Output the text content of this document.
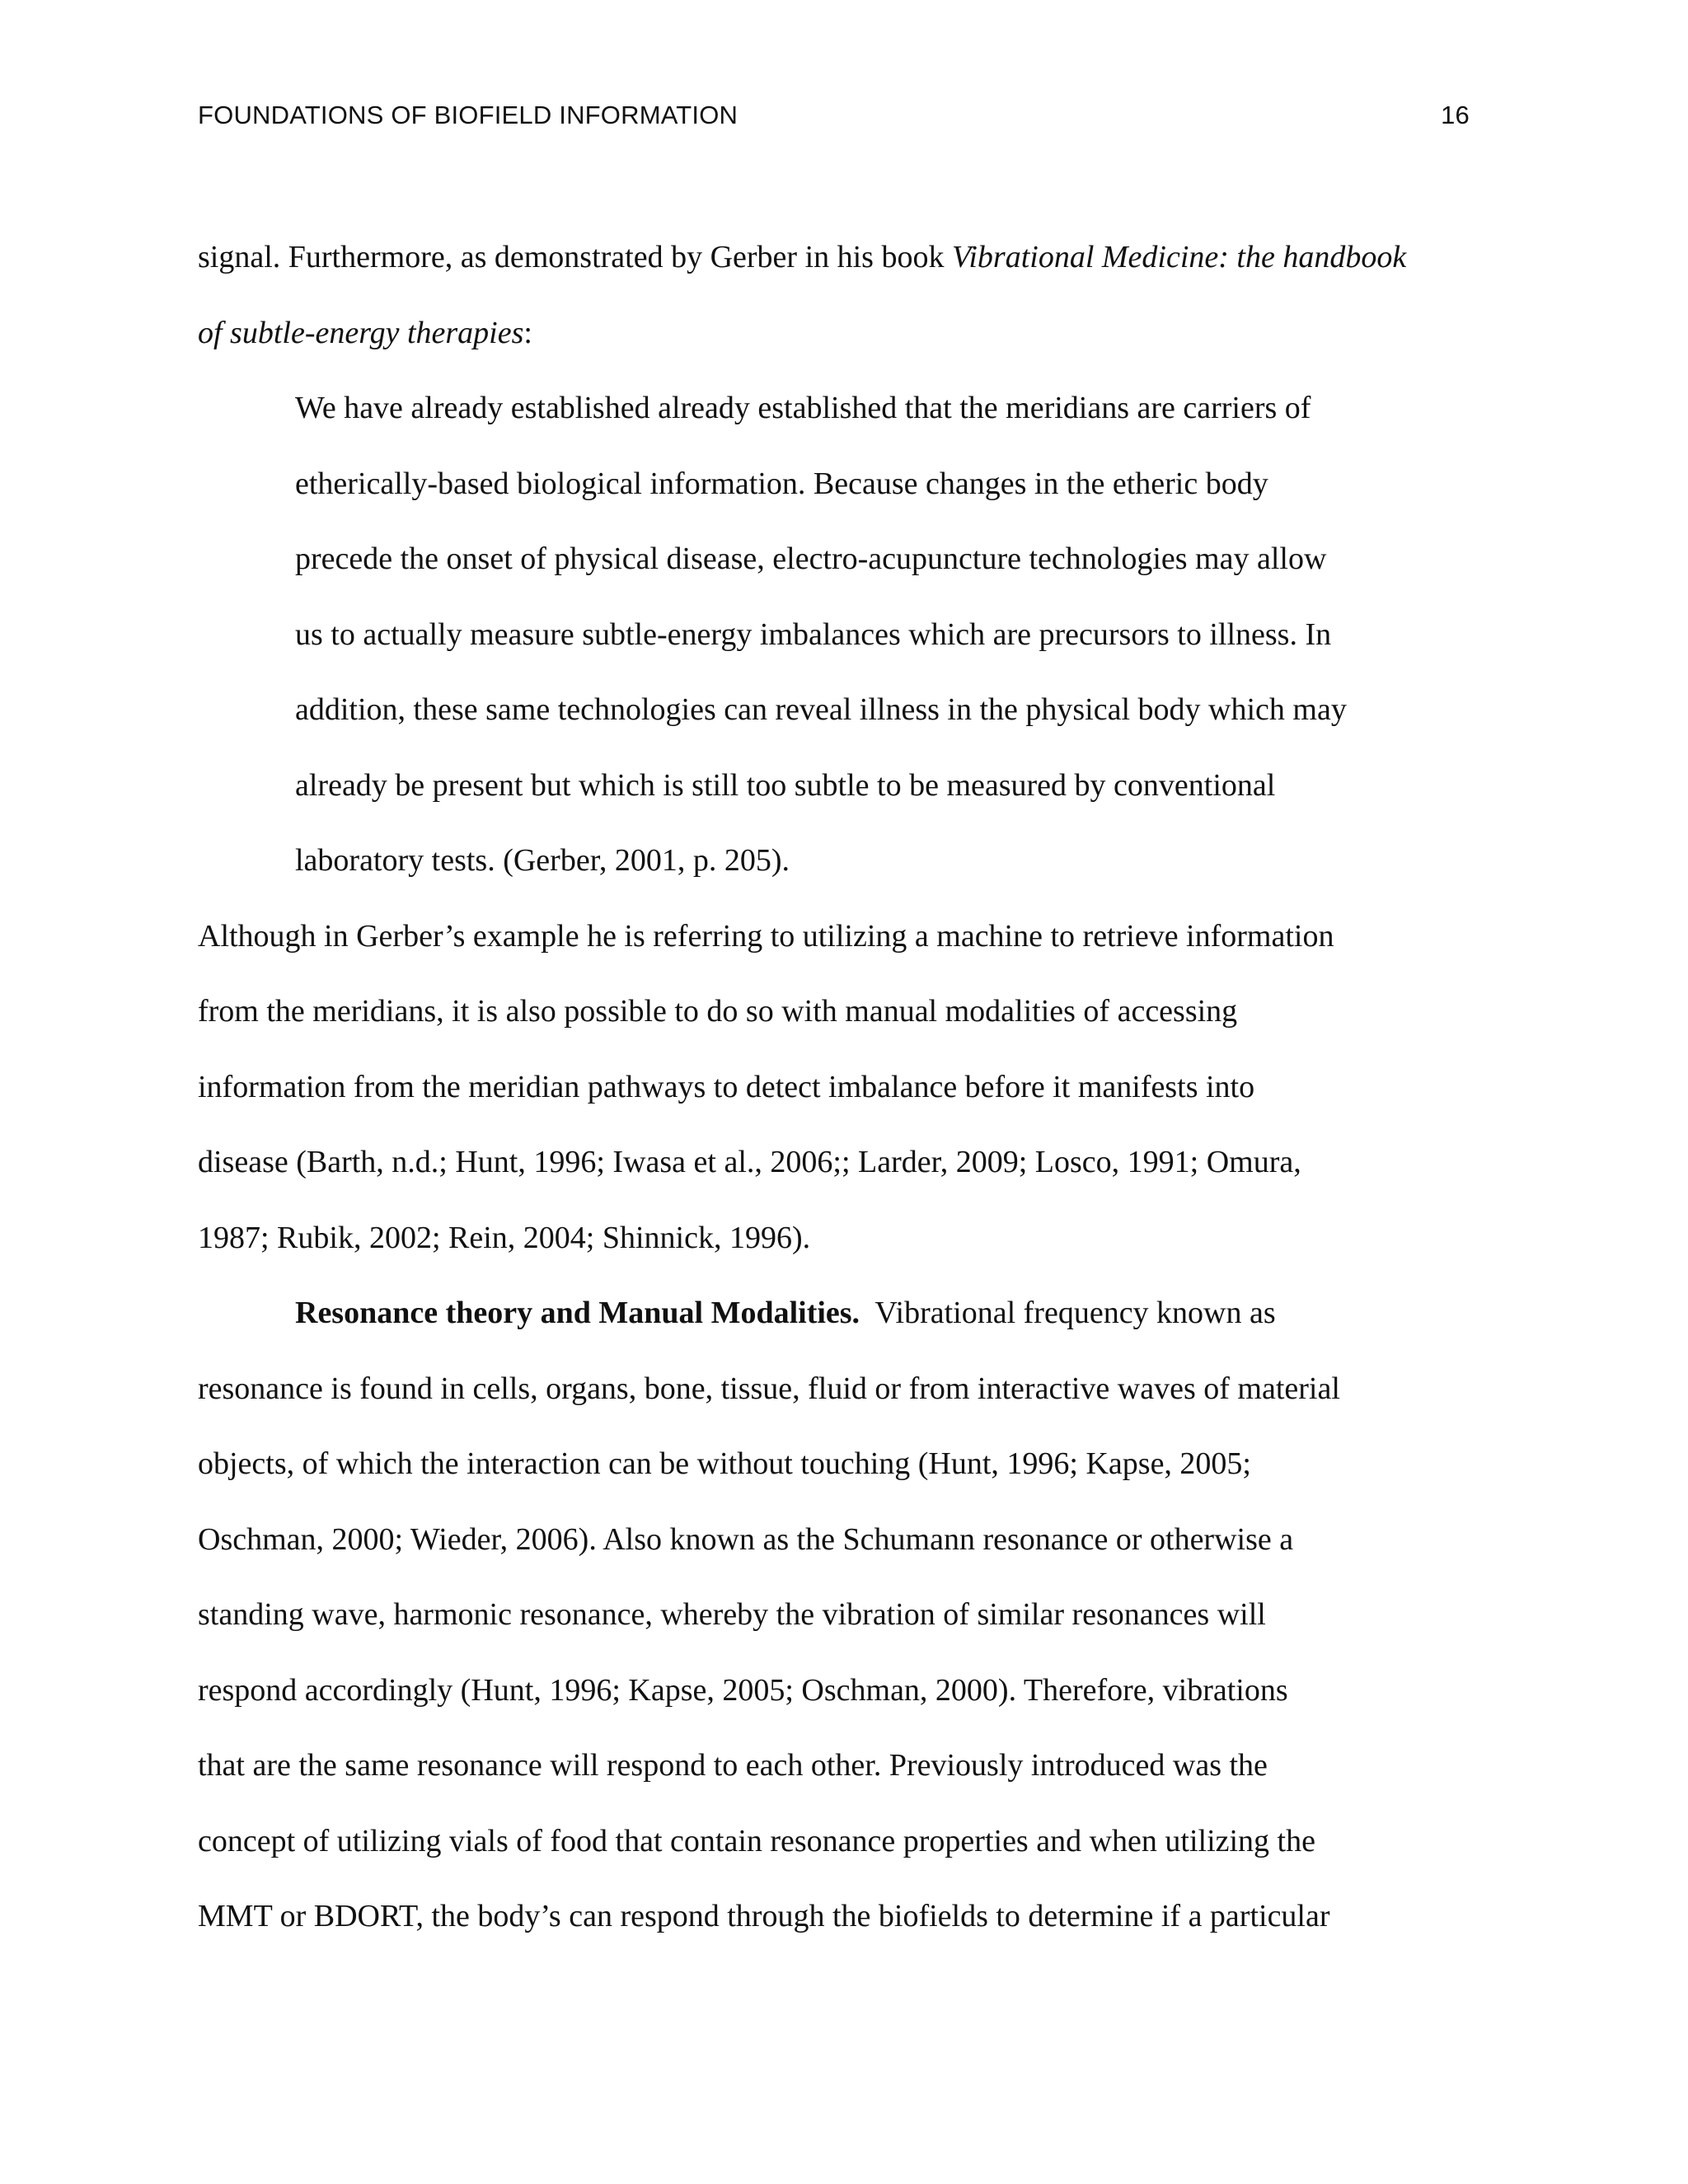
FOUNDATIONS OF BIOFIELD INFORMATION	16
signal. Furthermore, as demonstrated by Gerber in his book Vibrational Medicine: the handbook
of subtle-energy therapies:
We have already established already established that the meridians are carriers of
etherically-based biological information. Because changes in the etheric body
precede the onset of physical disease, electro-acupuncture technologies may allow
us to actually measure subtle-energy imbalances which are precursors to illness. In
addition, these same technologies can reveal illness in the physical body which may
already be present but which is still too subtle to be measured by conventional
laboratory tests. (Gerber, 2001, p. 205).
Although in Gerber’s example he is referring to utilizing a machine to retrieve information
from the meridians, it is also possible to do so with manual modalities of accessing
information from the meridian pathways to detect imbalance before it manifests into
disease (Barth, n.d.; Hunt, 1996; Iwasa et al., 2006;; Larder, 2009; Losco, 1991; Omura,
1987; Rubik, 2002; Rein, 2004; Shinnick, 1996).
Resonance theory and Manual Modalities.  Vibrational frequency known as
resonance is found in cells, organs, bone, tissue, fluid or from interactive waves of material
objects, of which the interaction can be without touching (Hunt, 1996; Kapse, 2005;
Oschman, 2000; Wieder, 2006). Also known as the Schumann resonance or otherwise a
standing wave, harmonic resonance, whereby the vibration of similar resonances will
respond accordingly (Hunt, 1996; Kapse, 2005; Oschman, 2000). Therefore, vibrations
that are the same resonance will respond to each other. Previously introduced was the
concept of utilizing vials of food that contain resonance properties and when utilizing the
MMT or BDORT, the body’s can respond through the biofields to determine if a particular
